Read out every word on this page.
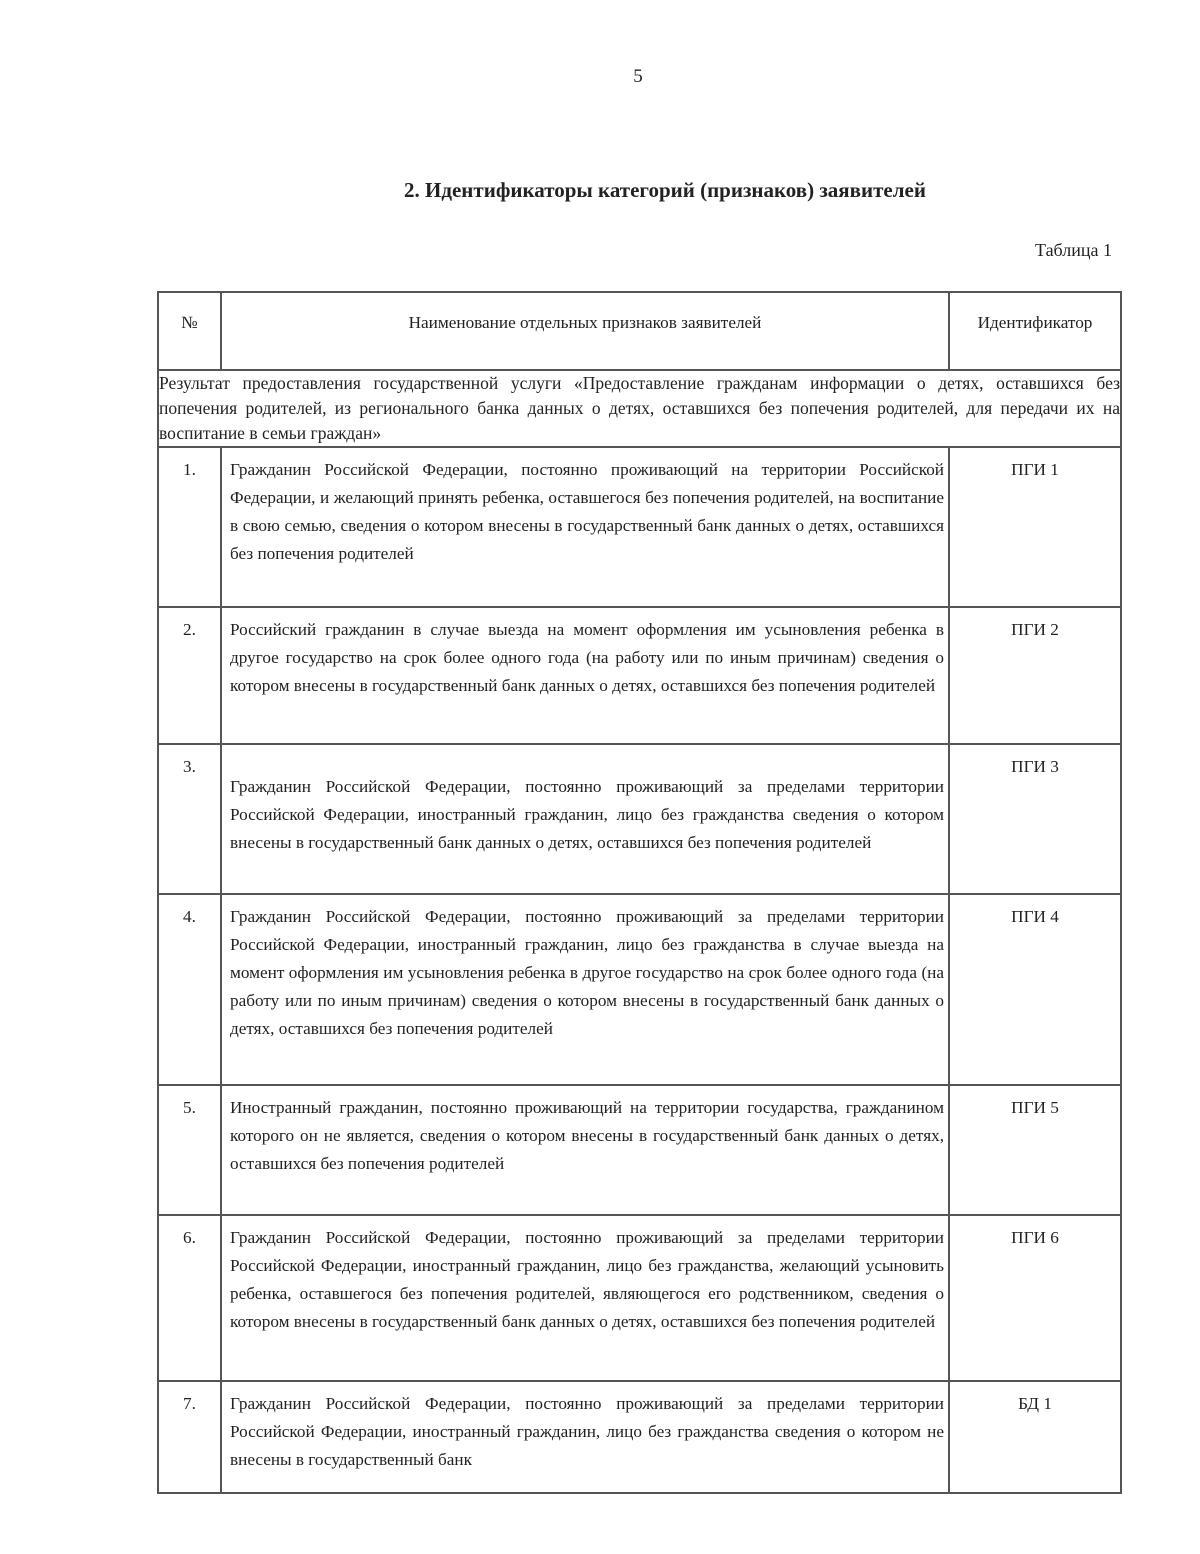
5
2. Идентификаторы категорий (признаков) заявителей
Таблица 1
№	Наименование отдельных признаков заявителей	Идентификатор

Результат предоставления государственной услуги «Предоставление гражданам информации о детях, оставшихся без попечения родителей, из регионального банка данных о детях, оставшихся без попечения родителей, для передачи их на воспитание в семьи граждан»		
1.	Гражданин Российской Федерации, постоянно проживающий на территории Российской Федерации, и желающий принять ребенка, оставшегося без попечения родителей, на воспитание в свою семью, сведения о котором внесены в государственный банк данных о детях, оставшихся без попечения родителей	ПГИ 1
2.	Российский гражданин в случае выезда на момент оформления им усыновления ребенка в другое государство на срок более одного года (на работу или по иным причинам) сведения о котором внесены в государственный банк данных о детях, оставшихся без попечения родителей	ПГИ 2
3.	Гражданин Российской Федерации, постоянно проживающий за пределами территории Российской Федерации, иностранный гражданин, лицо без гражданства сведения о котором внесены в государственный банк данных о детях, оставшихся без попечения родителей	ПГИ 3
4.	Гражданин Российской Федерации, постоянно проживающий за пределами территории Российской Федерации, иностранный гражданин, лицо без гражданства в случае выезда на момент оформления им усыновления ребенка в другое государство на срок более одного года (на работу или по иным причинам) сведения о котором внесены в государственный банк данных о детях, оставшихся без попечения родителей	ПГИ 4
5.	Иностранный гражданин, постоянно проживающий на территории государства, гражданином которого он не является, сведения о котором внесены в государственный банк данных о детях, оставшихся без попечения родителей	ПГИ 5
6.	Гражданин Российской Федерации, постоянно проживающий за пределами территории Российской Федерации, иностранный гражданин, лицо без гражданства, желающий усыновить ребенка, оставшегося без попечения родителей, являющегося его родственником, сведения о котором внесены в государственный банк данных о детях, оставшихся без попечения родителей	ПГИ 6
7.	Гражданин Российской Федерации, постоянно проживающий за пределами территории Российской Федерации, иностранный гражданин, лицо без гражданства сведения о котором не внесены в государственный банк	БД 1
